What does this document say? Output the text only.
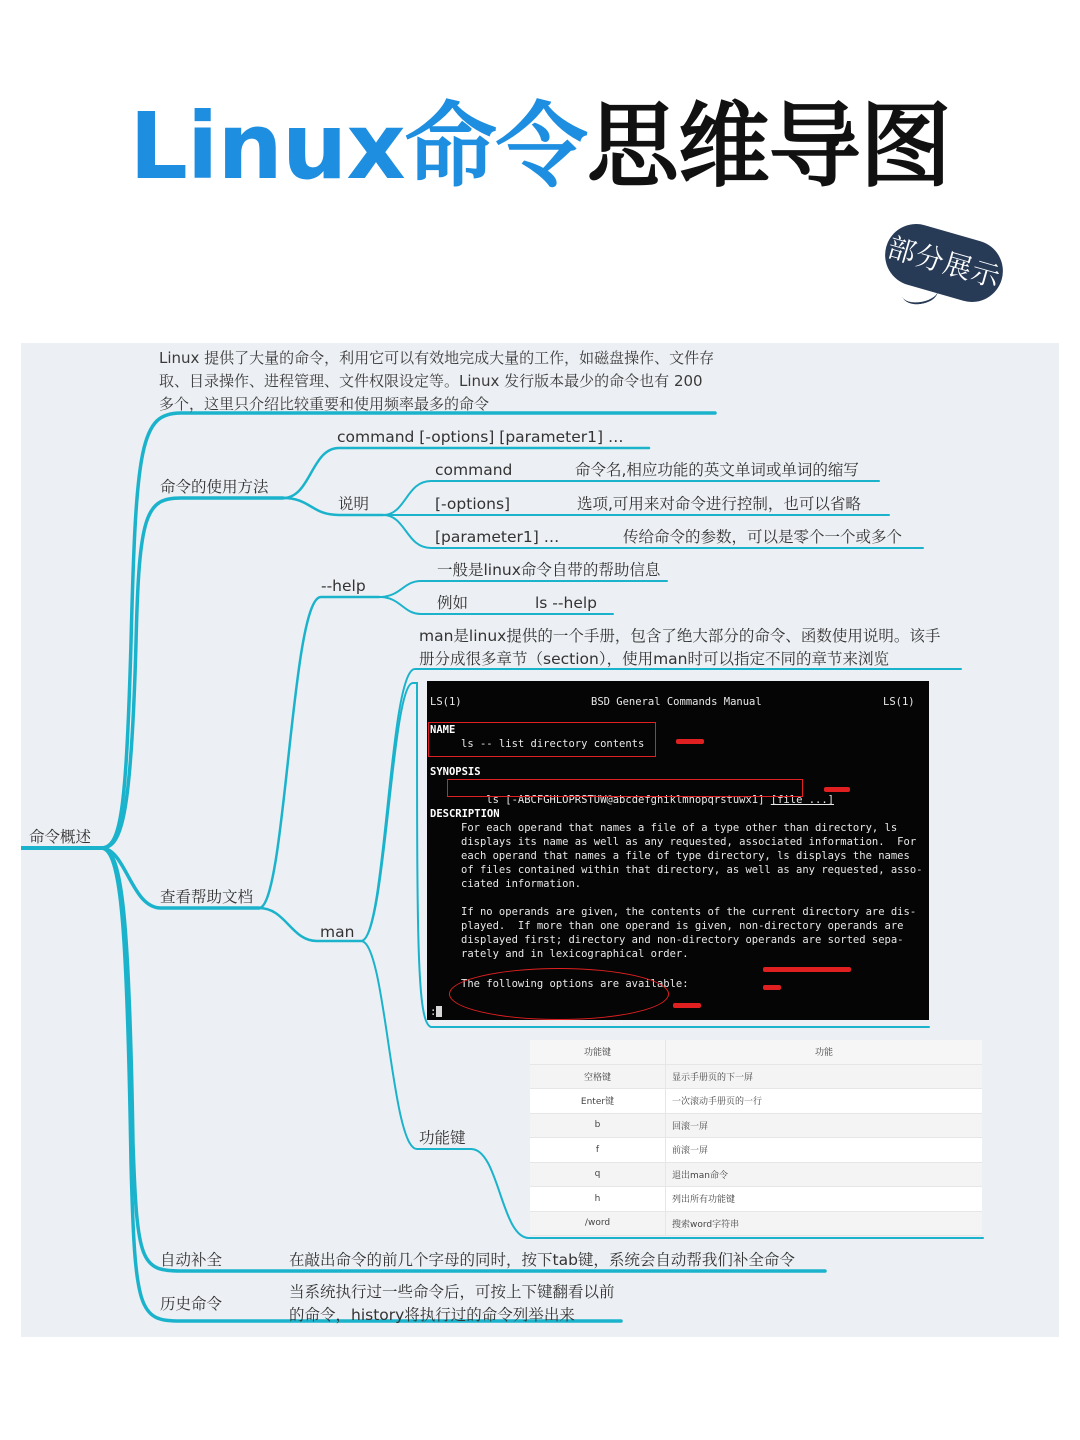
Linux命令思维导图
部分展示
命令概述
Linux 提供了大量的命令，利用它可以有效地完成大量的工作，如磁盘操作、文件存取、目录操作、进程管理、文件权限设定等。Linux 发行版本最少的命令也有 200 多个，这里只介绍比较重要和使用频率最多的命令
命令的使用方法
command [-options] [parameter1] …
说明
command	命令名,相应功能的英文单词或单词的缩写
[-options]	选项,可用来对命令进行控制，也可以省略
[parameter1] …	传给命令的参数，可以是零个一个或多个
查看帮助文档
--help
一般是linux命令自带的帮助信息
例如	ls --help
man
man是linux提供的一个手册，包含了绝大部分的命令、函数使用说明。该手册分成很多章节（section），使用man时可以指定不同的章节来浏览
功能键
自动补全	在敲出命令的前几个字母的同时，按下tab键，系统会自动帮我们补全命令
历史命令
当系统执行过一些命令后，可按上下键翻看以前的命令，history将执行过的命令列举出来
LS(1)	BSD General Commands Manual	LS(1)
NAME
ls -- list directory contents
SYNOPSIS

ls [-ABCFGHLOPRSTUW@abcdefghiklmnopqrstuwx1] [file ...]

DESCRIPTION
For each operand that names a file of a type other than directory, ls
displays its name as well as any requested, associated information.  For
each operand that names a file of type directory, ls displays the names
of files contained within that directory, as well as any requested, asso-
ciated information.
If no operands are given, the contents of the current directory are dis-
played.  If more than one operand is given, non-directory operands are
displayed first; directory and non-directory operands are sorted sepa-
rately and in lexicographical order.
The following options are available:
:
功能键	功能
空格键	显示手册页的下一屏
Enter键	一次滚动手册页的一行
b	回滚一屏
f	前滚一屏
q	退出man命令
h	列出所有功能键
/word	搜索word字符串
